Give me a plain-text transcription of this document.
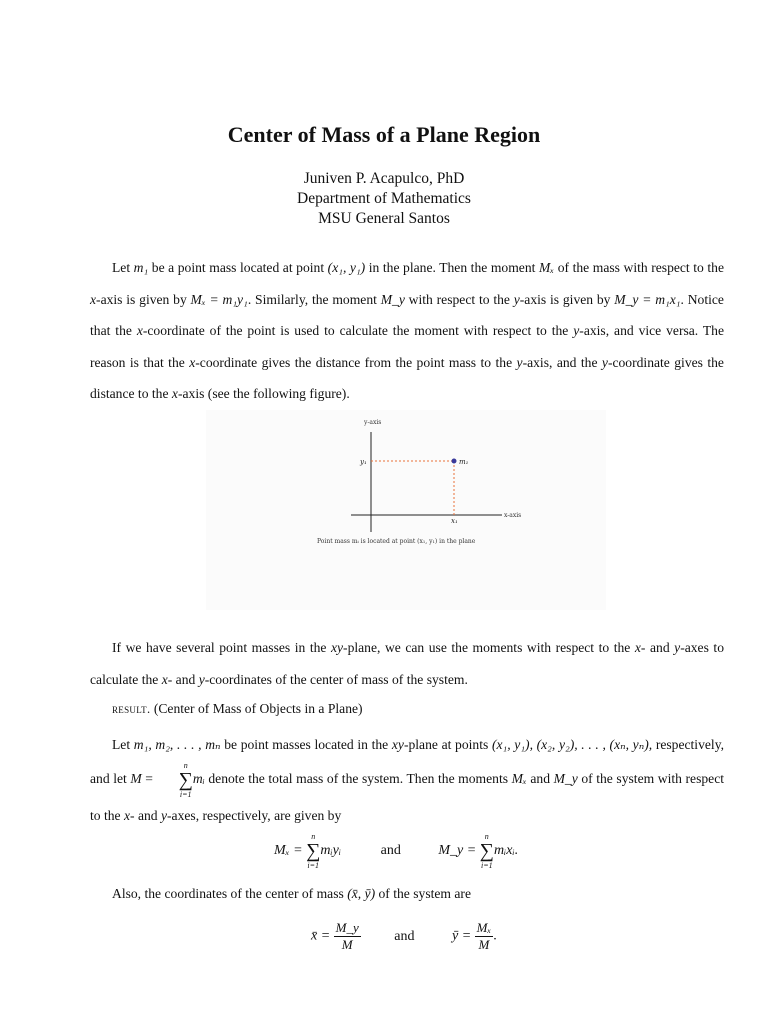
Center of Mass of a Plane Region
Juniven P. Acapulco, PhD
Department of Mathematics
MSU General Santos
Let m₁ be a point mass located at point (x₁, y₁) in the plane. Then the moment Mₓ of the mass with respect to the x-axis is given by Mₓ = m₁y₁. Similarly, the moment M_y with respect to the y-axis is given by M_y = m₁x₁. Notice that the x-coordinate of the point is used to calculate the moment with respect to the y-axis, and vice versa. The reason is that the x-coordinate gives the distance from the point mass to the y-axis, and the y-coordinate gives the distance to the x-axis (see the following figure).
y-axis
x-axis
y₁
x₁
m₁
Point mass mᵢ is located at point (x₁, y₁) in the plane
If we have several point masses in the xy-plane, we can use the moments with respect to the x- and y-axes to calculate the x- and y-coordinates of the center of mass of the system.
result. (Center of Mass of Objects in a Plane)
Let m₁, m₂, . . . , mₙ be point masses located in the xy-plane at points (x₁, y₁), (x₂, y₂), . . . , (xₙ, yₙ), respectively, and let M =
n
∑
i=1
mᵢ denote the total mass of the system. Then the moments Mₓ and M_y of the system with respect to the x- and y-axes, respectively, are given by
Mₓ =
n
∑
i=1
mᵢyᵢ	and	M_y =
n
∑
i=1
mᵢxᵢ.
Also, the coordinates of the center of mass (x̄, ȳ) of the system are
x̄ = $\frac{M\_y}{M}$ and	ȳ = $\frac{\text{Mₓ}}{M}$ .
